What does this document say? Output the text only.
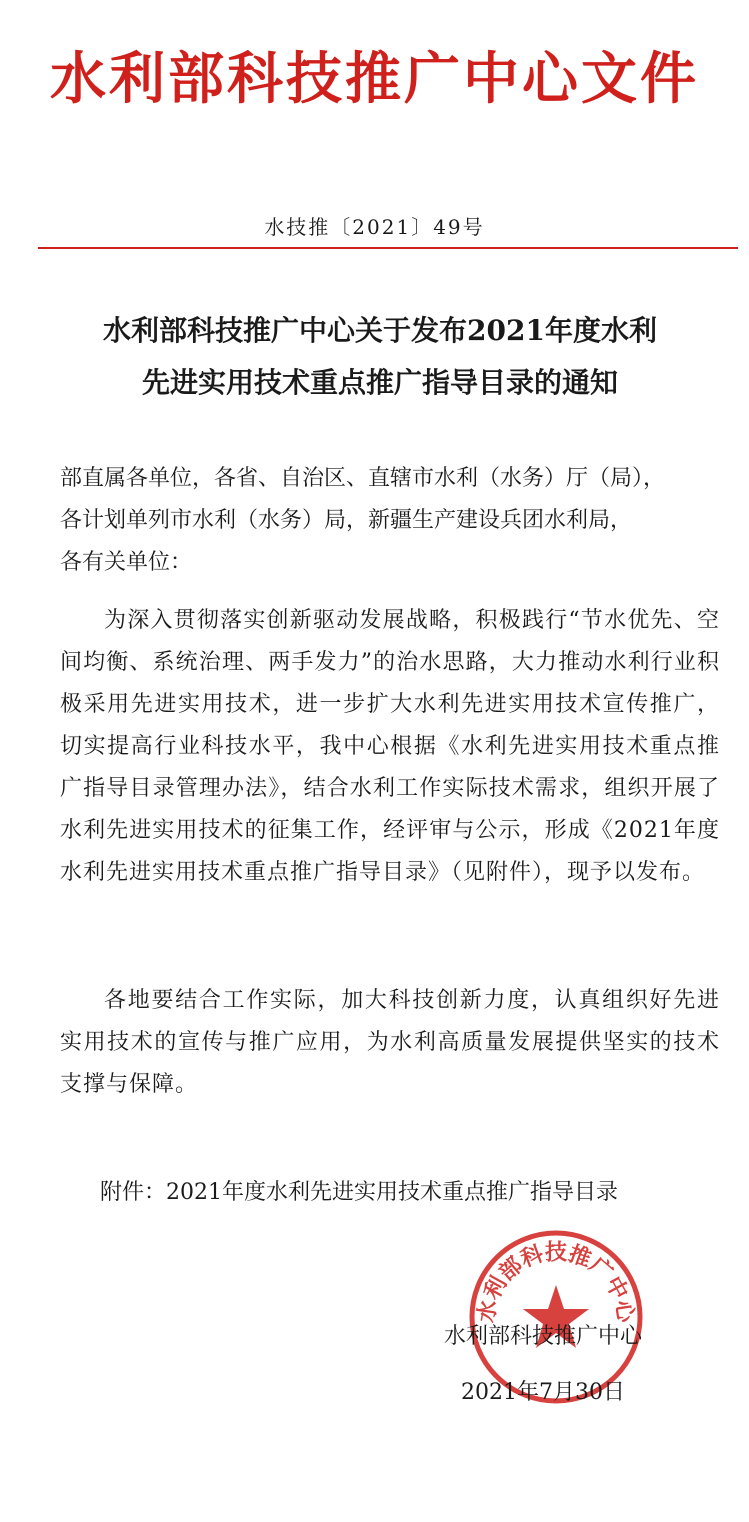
水利部科技推广中心文件
水技推〔2021〕49号
水利部科技推广中心关于发布2021年度水利
先进实用技术重点推广指导目录的通知
部直属各单位，各省、自治区、直辖市水利（水务）厅（局），
各计划单列市水利（水务）局，新疆生产建设兵团水利局，
各有关单位：
为深入贯彻落实创新驱动发展战略，积极践行“节水优先、空间均衡、系统治理、两手发力”的治水思路，大力推动水利行业积极采用先进实用技术，进一步扩大水利先进实用技术宣传推广，切实提高行业科技水平，我中心根据《水利先进实用技术重点推广指导目录管理办法》，结合水利工作实际技术需求，组织开展了水利先进实用技术的征集工作，经评审与公示，形成《2021年度水利先进实用技术重点推广指导目录》（见附件），现予以发布。
各地要结合工作实际，加大科技创新力度，认真组织好先进实用技术的宣传与推广应用，为水利高质量发展提供坚实的技术支撑与保障。
附件：2021年度水利先进实用技术重点推广指导目录
水利部科技推广中心
水利部科技推广中心
2021年7月30日
